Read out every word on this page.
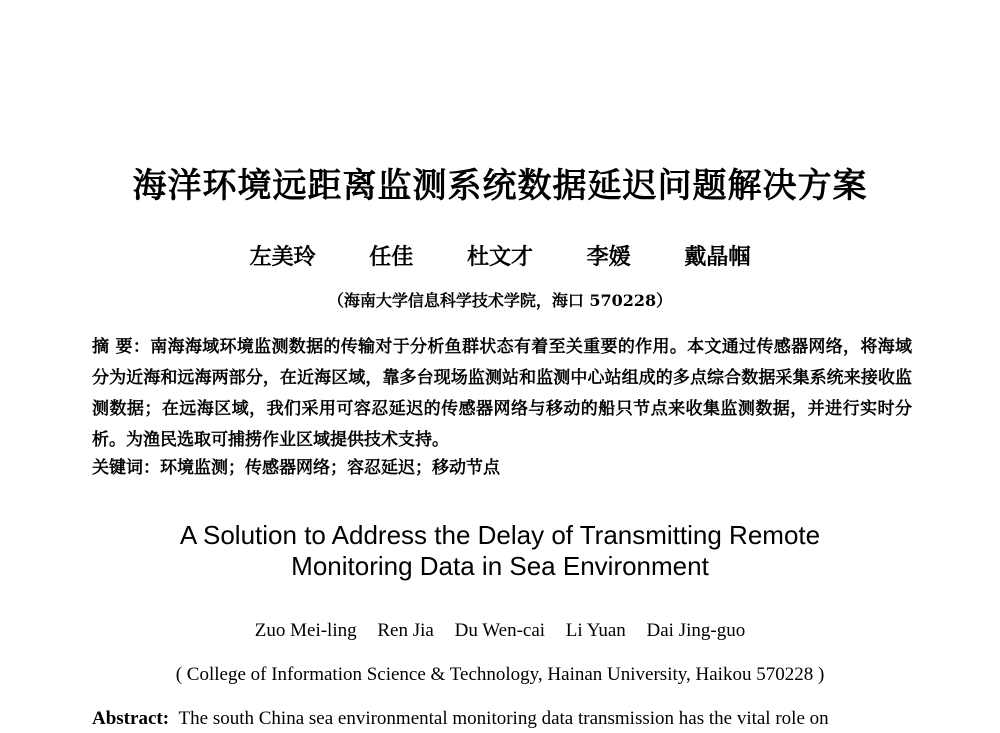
海洋环境远距离监测系统数据延迟问题解决方案
左美玲 任佳 杜文才 李媛 戴晶帼
（海南大学信息科学技术学院，海口 570228）
摘 要：南海海域环境监测数据的传输对于分析鱼群状态有着至关重要的作用。本文通过传感器网络，将海域分为近海和远海两部分，在近海区域，靠多台现场监测站和监测中心站组成的多点综合数据采集系统来接收监测数据；在远海区域，我们采用可容忍延迟的传感器网络与移动的船只节点来收集监测数据，并进行实时分析。为渔民选取可捕捞作业区域提供技术支持。
关键词：环境监测；传感器网络；容忍延迟；移动节点
A Solution to Address the Delay of Transmitting Remote
Monitoring Data in Sea Environment
Zuo Mei-ling Ren Jia Du Wen-cai Li Yuan Dai Jing-guo
( College of Information Science & Technology, Hainan University, Haikou 570228 )
Abstract: The south China sea environmental monitoring data transmission has the vital role on
